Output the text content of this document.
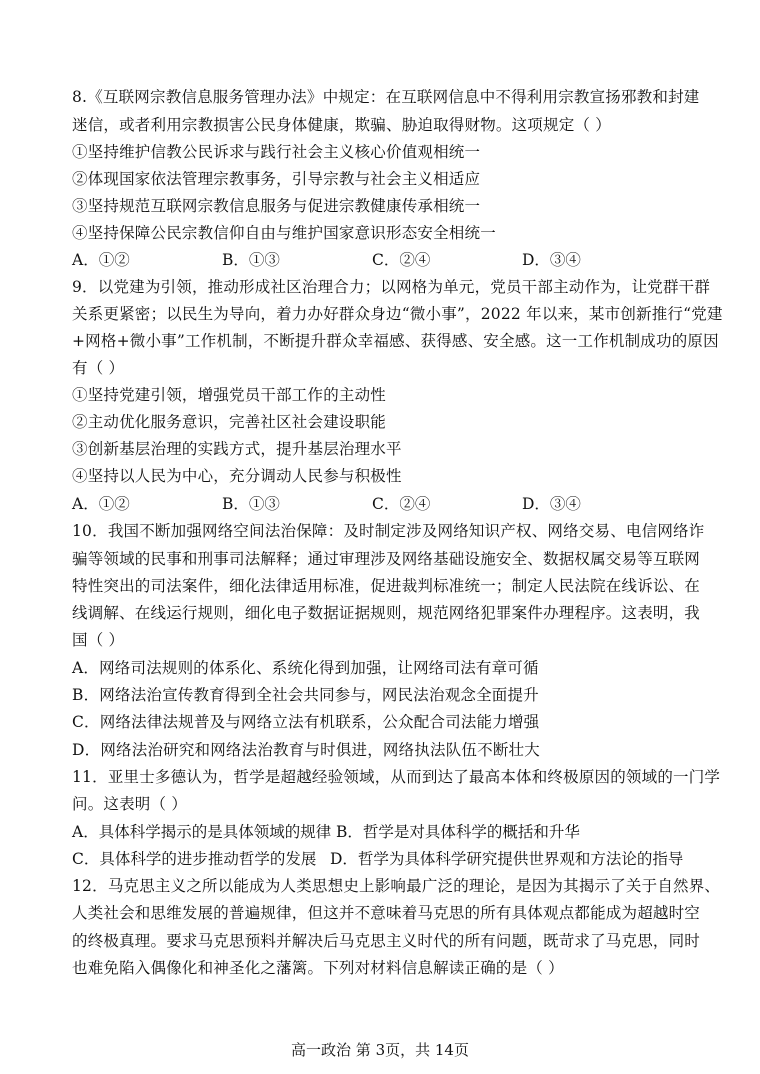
8.《互联网宗教信息服务管理办法》中规定：在互联网信息中不得利用宗教宣扬邪教和封建
迷信，或者利用宗教损害公民身体健康，欺骗、胁迫取得财物。这项规定（ ）
①坚持维护信教公民诉求与践行社会主义核心价值观相统一
②体现国家依法管理宗教事务，引导宗教与社会主义相适应
③坚持规范互联网宗教信息服务与促进宗教健康传承相统一
④坚持保障公民宗教信仰自由与维护国家意识形态安全相统一
A．①②	B．①③	C．②④	D．③④
9．以党建为引领，推动形成社区治理合力；以网格为单元，党员干部主动作为，让党群干群
关系更紧密；以民生为导向，着力办好群众身边“微小事”，2022 年以来，某市创新推行“党建
+网格+微小事”工作机制，不断提升群众幸福感、获得感、安全感。这一工作机制成功的原因
有（ ）
①坚持党建引领，增强党员干部工作的主动性
②主动优化服务意识，完善社区社会建设职能
③创新基层治理的实践方式，提升基层治理水平
④坚持以人民为中心，充分调动人民参与积极性
A．①②	B．①③	C．②④	D．③④
10．我国不断加强网络空间法治保障：及时制定涉及网络知识产权、网络交易、电信网络诈
骗等领域的民事和刑事司法解释；通过审理涉及网络基础设施安全、数据权属交易等互联网
特性突出的司法案件，细化法律适用标准，促进裁判标准统一；制定人民法院在线诉讼、在
线调解、在线运行规则，细化电子数据证据规则，规范网络犯罪案件办理程序。这表明，我
国（ ）
A．网络司法规则的体系化、系统化得到加强，让网络司法有章可循
B．网络法治宣传教育得到全社会共同参与，网民法治观念全面提升
C．网络法律法规普及与网络立法有机联系，公众配合司法能力增强
D．网络法治研究和网络法治教育与时俱进，网络执法队伍不断壮大
11．亚里士多德认为，哲学是超越经验领域，从而到达了最高本体和终极原因的领域的一门学
问。这表明（ ）
A．具体科学揭示的是具体领域的规律 B．哲学是对具体科学的概括和升华
C．具体科学的进步推动哲学的发展 D．哲学为具体科学研究提供世界观和方法论的指导
12．马克思主义之所以能成为人类思想史上影响最广泛的理论，是因为其揭示了关于自然界、
人类社会和思维发展的普遍规律，但这并不意味着马克思的所有具体观点都能成为超越时空
的终极真理。要求马克思预料并解决后马克思主义时代的所有问题，既苛求了马克思，同时
也难免陷入偶像化和神圣化之藩篱。下列对材料信息解读正确的是（ ）
高一政治 第 3页，共 14页
